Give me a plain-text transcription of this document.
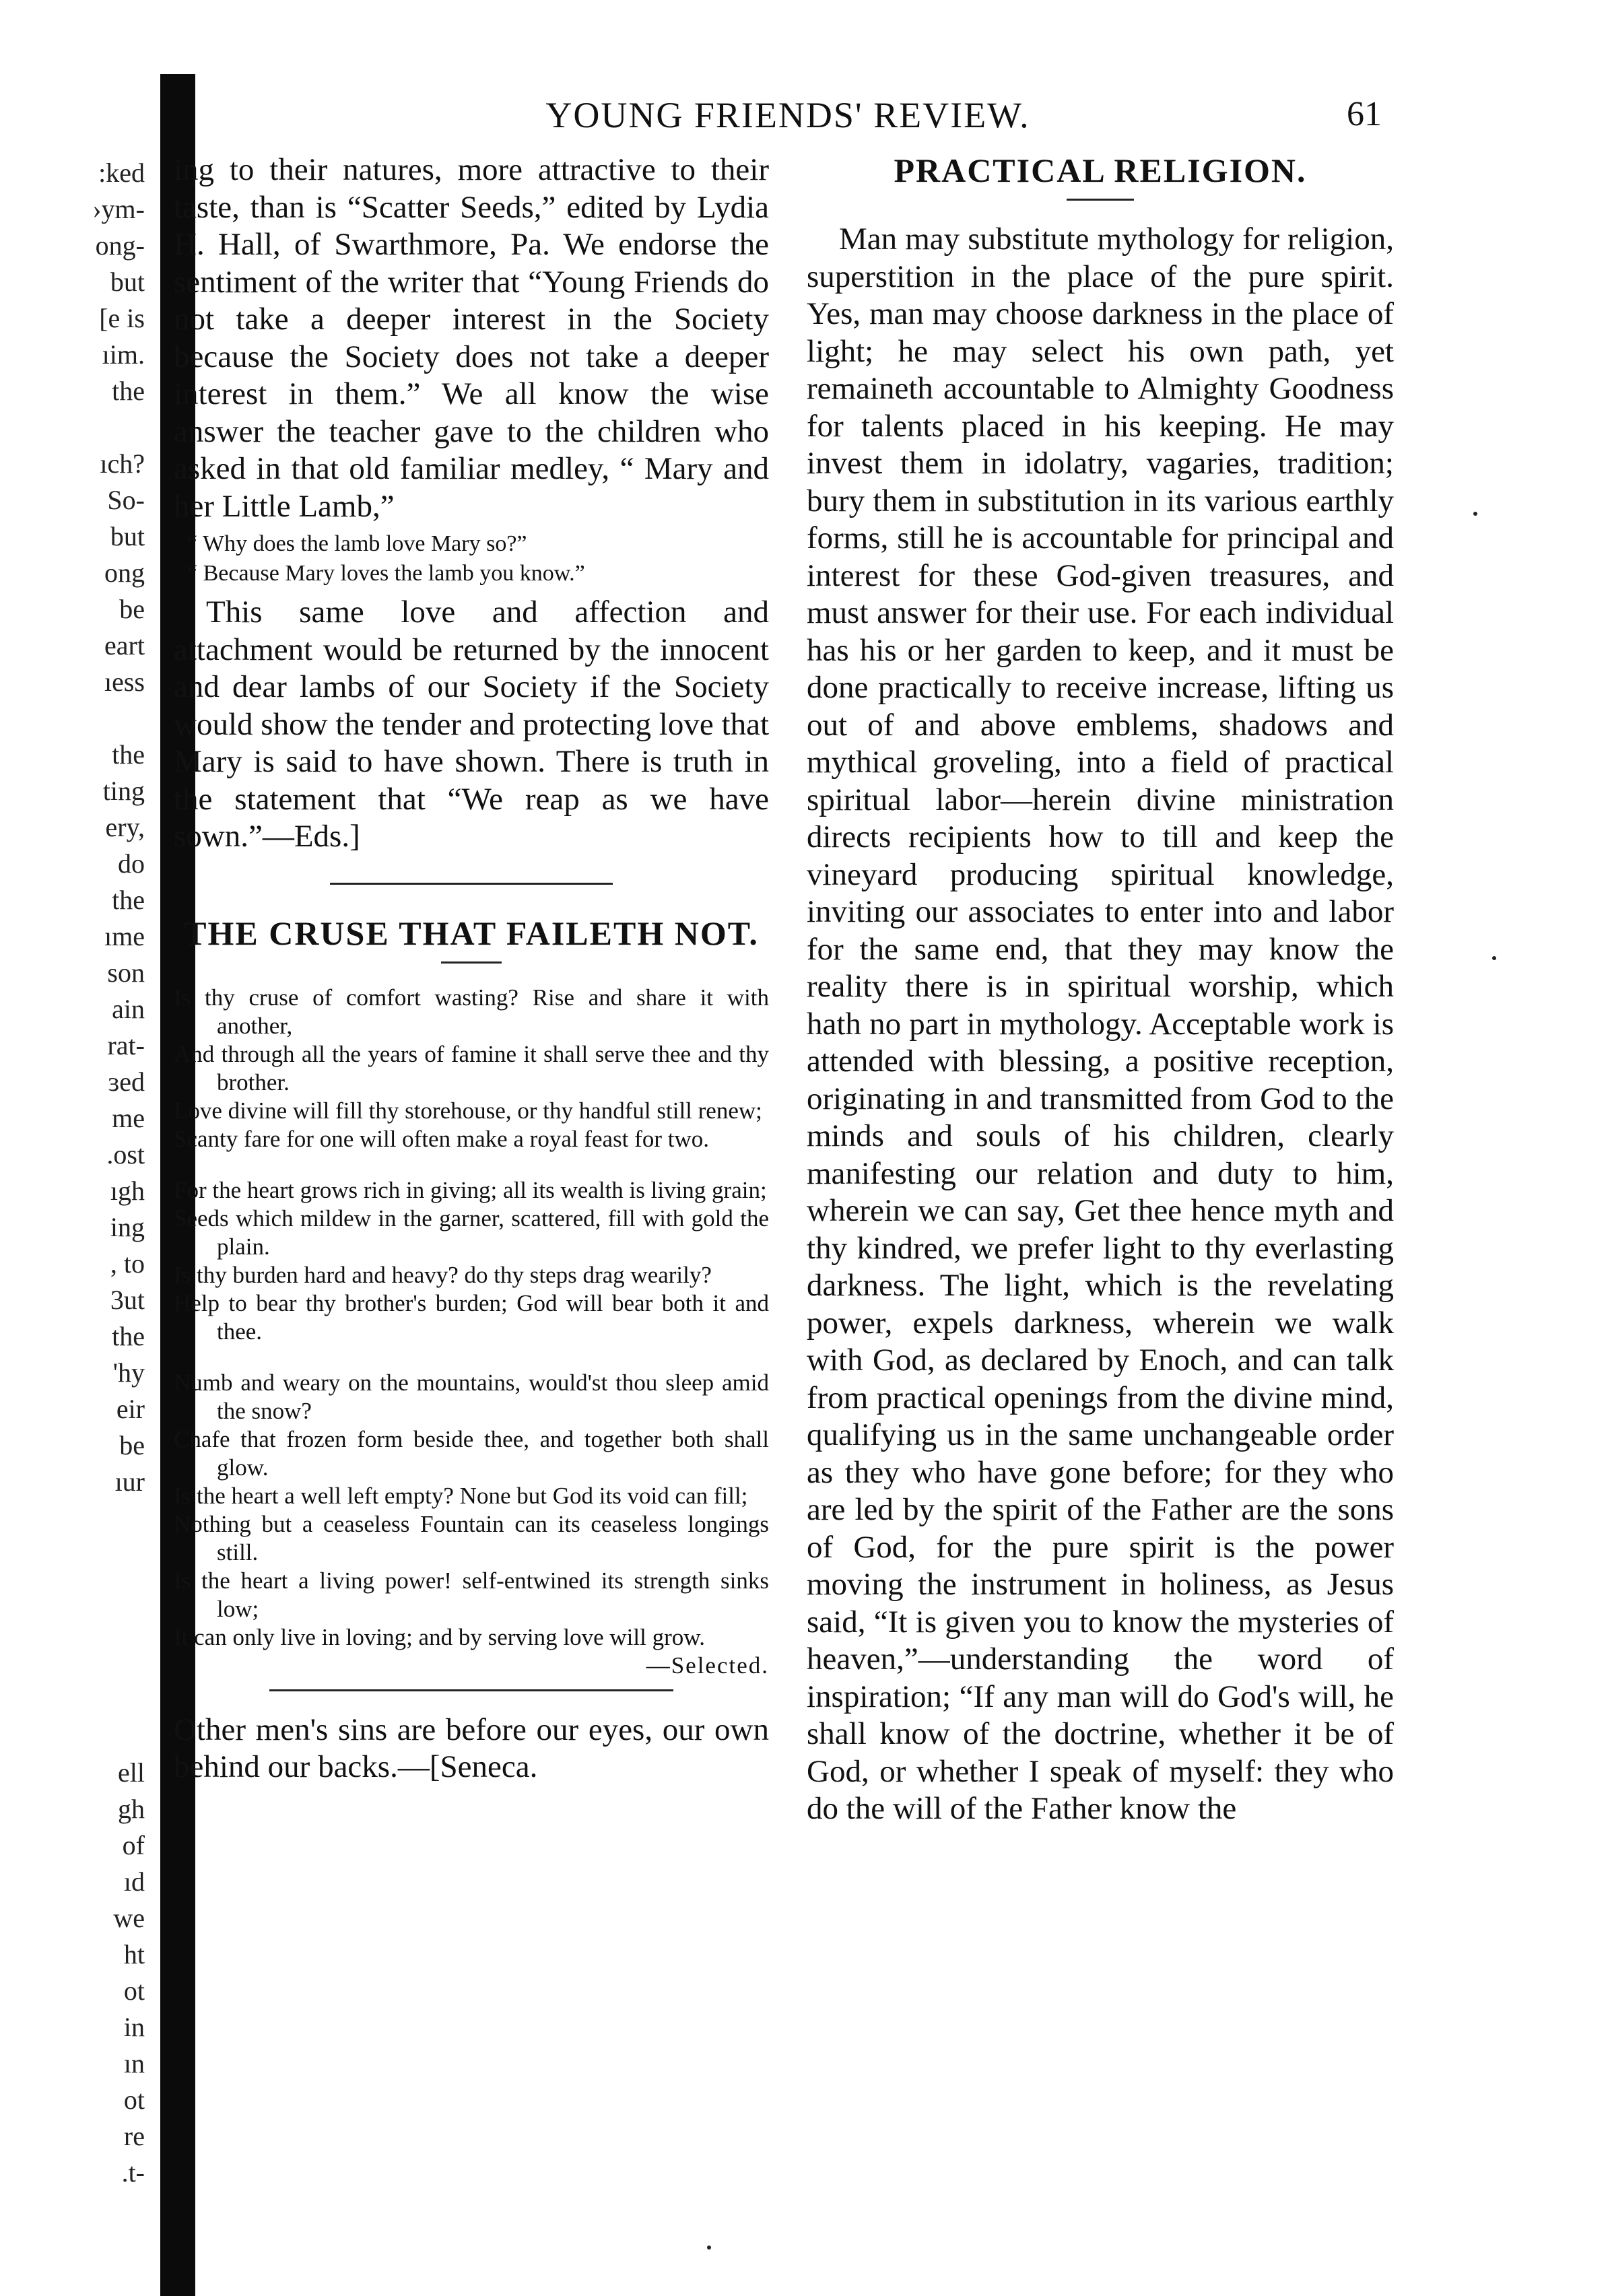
:ked
›ym-
ong-
but
[e is
ıim.
the

ıch?
So-
but
ong
be
eart
ıess

the
ting
ery,
do
the
ıme
son
ain
rat-
ɜed
me
.ost
ıgh
ing
, to
3ut
the
'hy
eir
be
ıur

ell
gh
of
ıd
we
ht
ot
in
ın
ot
re
.t-
YOUNG FRIENDS' REVIEW.	61

ing to their natures, more attractive to their taste, than is “Scatter Seeds,” edited by Lydia H. Hall, of Swarthmore, Pa. We endorse the sentiment of the writer that “Young Friends do not take a deeper interest in the Society because the Society does not take a deeper interest in them.” We all know the wise answer the teacher gave to the children who asked in that old familiar medley, “ Mary and her Little Lamb,”

“ Why does the lamb love Mary so?”
“ Because Mary loves the lamb you know.”

This same love and affection and attachment would be returned by the innocent and dear lambs of our Society if the Society would show the tender and protecting love that Mary is said to have shown. There is truth in the statement that “We reap as we have sown.”—Eds.]

THE CRUSE THAT FAILETH NOT.
Is thy cruse of comfort wasting? Rise and share it with another,
And through all the years of famine it shall serve thee and thy brother.
Love divine will fill thy storehouse, or thy handful still renew;
Scanty fare for one will often make a royal feast for two.
For the heart grows rich in giving; all its wealth is living grain;
Seeds which mildew in the garner, scattered, fill with gold the plain.
Is thy burden hard and heavy? do thy steps drag wearily?
Help to bear thy brother's burden; God will bear both it and thee.
Numb and weary on the mountains, would'st thou sleep amid the snow?
Chafe that frozen form beside thee, and together both shall glow.
Is the heart a well left empty? None but God its void can fill;
Nothing but a ceaseless Fountain can its ceaseless longings still.
Is the heart a living power! self-entwined its strength sinks low;
It can only live in loving; and by serving love will grow.
—Selected.

Other men's sins are before our eyes, our own behind our backs.—[Seneca.

PRACTICAL RELIGION.

Man may substitute mythology for religion, superstition in the place of the pure spirit. Yes, man may choose darkness in the place of light; he may select his own path, yet remaineth accountable to Almighty Goodness for talents placed in his keeping. He may invest them in idolatry, vagaries, tradition; bury them in substitution in its various earthly forms, still he is accountable for principal and interest for these God-given treasures, and must answer for their use. For each individual has his or her garden to keep, and it must be done practically to receive increase, lifting us out of and above emblems, shadows and mythical groveling, into a field of practical spiritual labor—herein divine ministration directs recipients how to till and keep the vineyard producing spiritual knowledge, inviting our associates to enter into and labor for the same end, that they may know the reality there is in spiritual worship, which hath no part in mythology. Acceptable work is attended with blessing, a positive reception, originating in and transmitted from God to the minds and souls of his children, clearly manifesting our relation and duty to him, wherein we can say, Get thee hence myth and thy kindred, we prefer light to thy everlasting darkness. The light, which is the revelating power, expels darkness, wherein we walk with God, as declared by Enoch, and can talk from practical openings from the divine mind, qualifying us in the same unchangeable order as they who have gone before; for they who are led by the spirit of the Father are the sons of God, for the pure spirit is the power moving the instrument in holiness, as Jesus said, “It is given you to know the mysteries of heaven,”—understanding the word of inspiration; “If any man will do God's will, he shall know of the doctrine, whether it be of God, or whether I speak of myself: they who do the will of the Father know the
